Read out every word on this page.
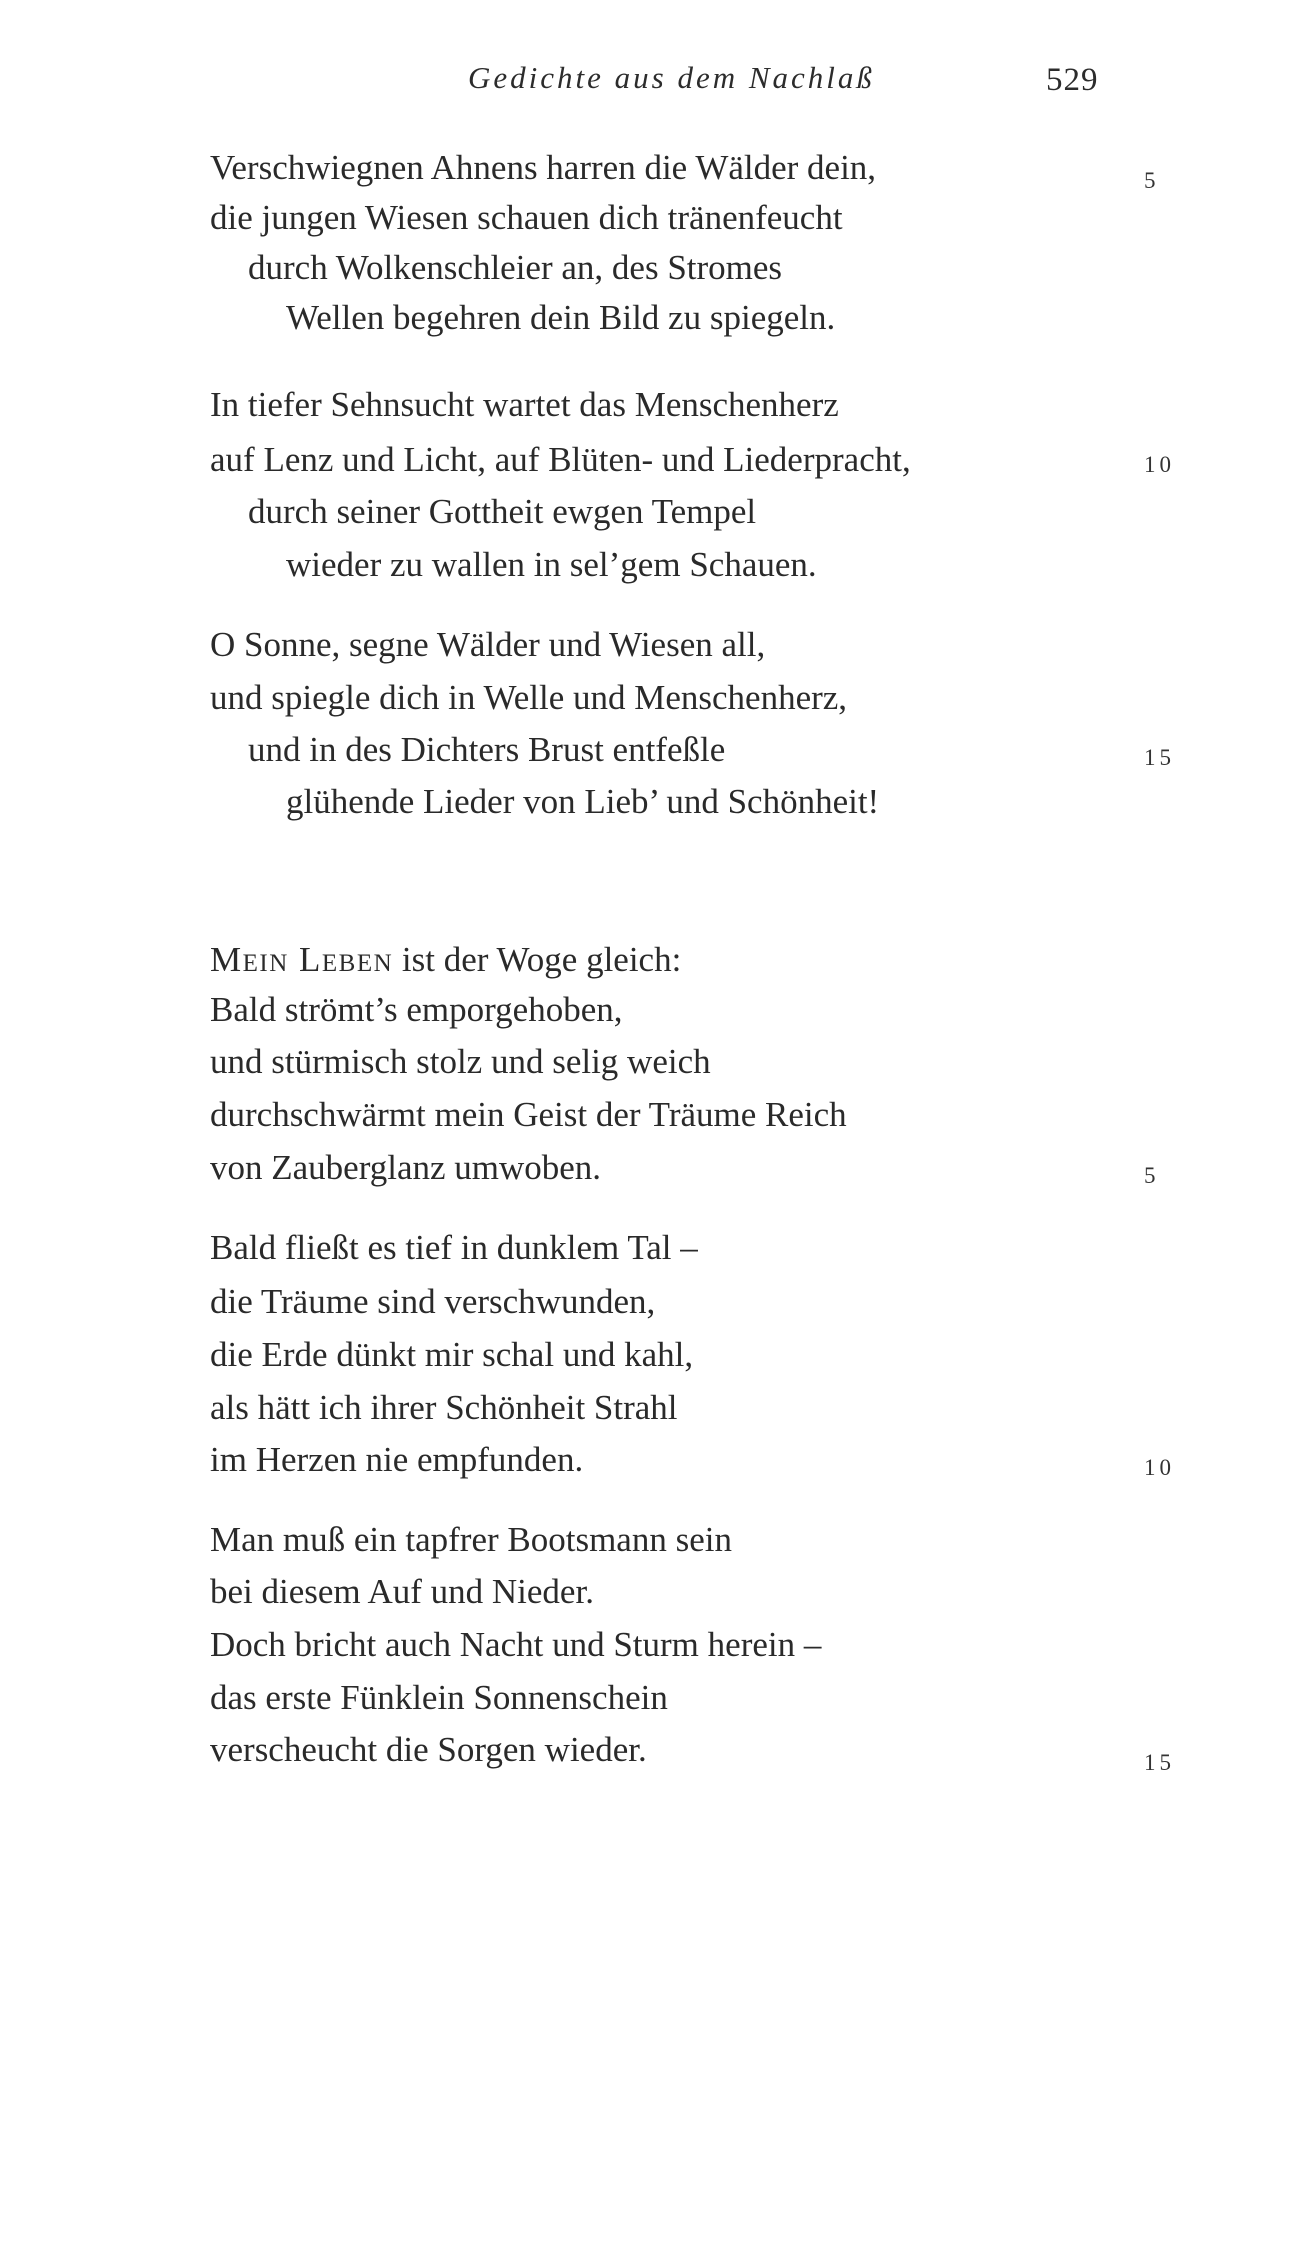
Gedichte aus dem Nachlaß	529
Verschwiegnen Ahnens harren die Wälder dein,
die jungen Wiesen schauen dich tränenfeucht
durch Wolkenschleier an, des Stromes
Wellen begehren dein Bild zu spiegeln.
In tiefer Sehnsucht wartet das Menschenherz
auf Lenz und Licht, auf Blüten- und Liederpracht,
durch seiner Gottheit ewgen Tempel
wieder zu wallen in sel’gem Schauen.
O Sonne, segne Wälder und Wiesen all,
und spiegle dich in Welle und Menschenherz,
und in des Dichters Brust entfeßle
glühende Lieder von Lieb’ und Schönheit!
5
10
15
Mein Leben ist der Woge gleich:
Bald strömt’s emporgehoben,
und stürmisch stolz und selig weich
durchschwärmt mein Geist der Träume Reich
von Zauberglanz umwoben.
Bald fließt es tief in dunklem Tal –
die Träume sind verschwunden,
die Erde dünkt mir schal und kahl,
als hätt ich ihrer Schönheit Strahl
im Herzen nie empfunden.
Man muß ein tapfrer Bootsmann sein
bei diesem Auf und Nieder.
Doch bricht auch Nacht und Sturm herein –
das erste Fünklein Sonnenschein
verscheucht die Sorgen wieder.
5
10
15
